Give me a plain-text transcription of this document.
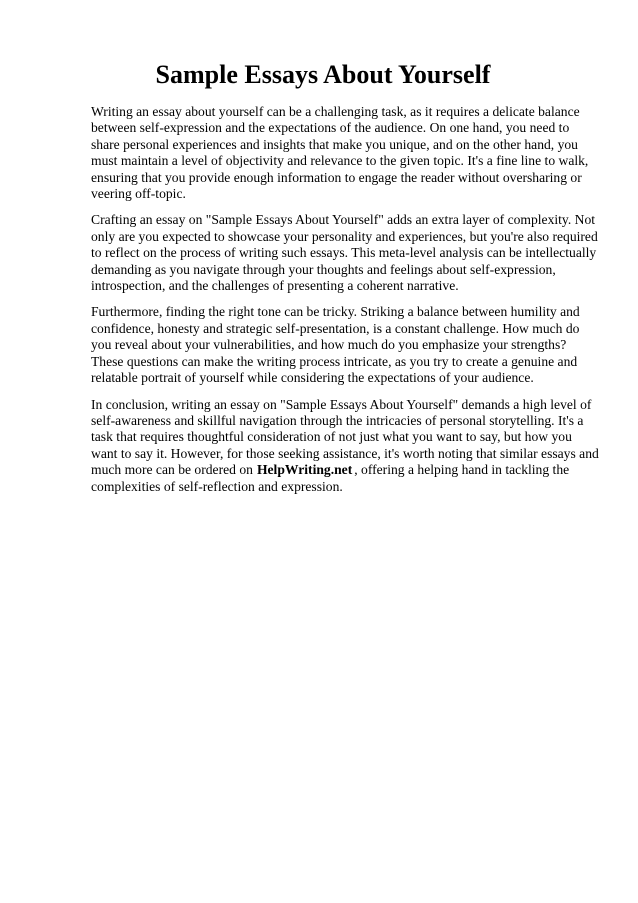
Sample Essays About Yourself

Writing an essay about yourself can be a challenging task, as it requires a delicate balance between self-expression and the expectations of the audience. On one hand, you need to share personal experiences and insights that make you unique, and on the other hand, you must maintain a level of objectivity and relevance to the given topic. It's a fine line to walk, ensuring that you provide enough information to engage the reader without oversharing or veering off-topic.

Crafting an essay on "Sample Essays About Yourself" adds an extra layer of complexity. Not only are you expected to showcase your personality and experiences, but you're also required to reflect on the process of writing such essays. This meta-level analysis can be intellectually demanding as you navigate through your thoughts and feelings about self-expression, introspection, and the challenges of presenting a coherent narrative.

Furthermore, finding the right tone can be tricky. Striking a balance between humility and confidence, honesty and strategic self-presentation, is a constant challenge. How much do you reveal about your vulnerabilities, and how much do you emphasize your strengths? These questions can make the writing process intricate, as you try to create a genuine and relatable portrait of yourself while considering the expectations of your audience.

In conclusion, writing an essay on "Sample Essays About Yourself" demands a high level of self-awareness and skillful navigation through the intricacies of personal storytelling. It's a task that requires thoughtful consideration of not just what you want to say, but how you want to say it. However, for those seeking assistance, it's worth noting that similar essays and much more can be ordered on HelpWriting.net , offering a helping hand in tackling the complexities of self-reflection and expression.
